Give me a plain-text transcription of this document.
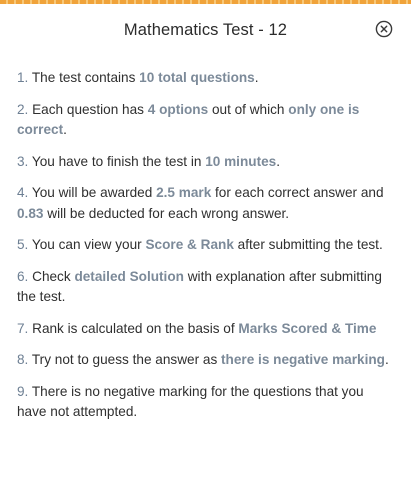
Mathematics Test - 12
1. The test contains 10 total questions.
2. Each question has 4 options out of which only one is correct.
3. You have to finish the test in 10 minutes.
4. You will be awarded 2.5 mark for each correct answer and 0.83 will be deducted for each wrong answer.
5. You can view your Score & Rank after submitting the test.
6. Check detailed Solution with explanation after submitting the test.
7. Rank is calculated on the basis of Marks Scored & Time
8. Try not to guess the answer as there is negative marking.
9. There is no negative marking for the questions that you have not attempted.
